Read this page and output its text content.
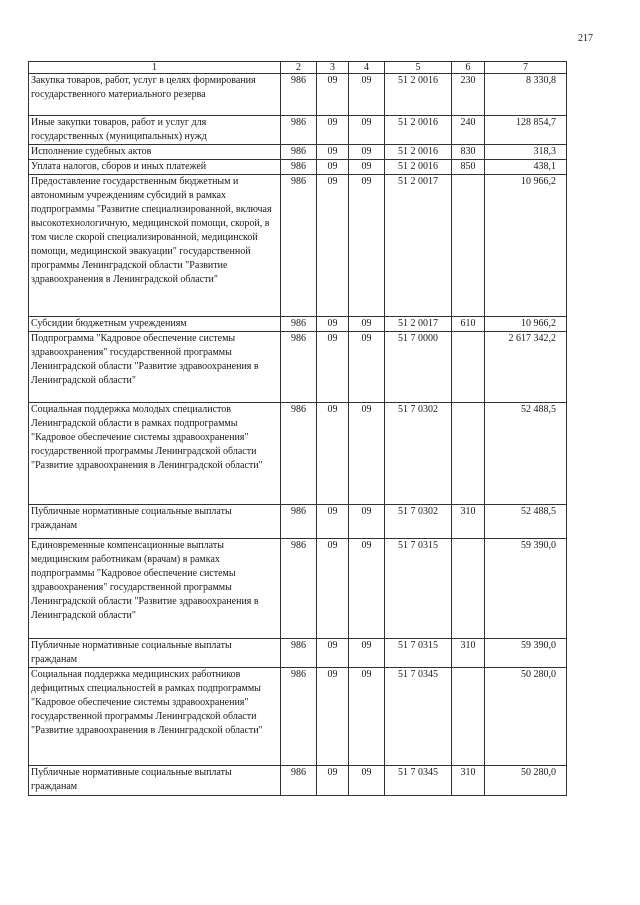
217
1	2	3	4	5	6	7
Закупка товаров, работ, услуг в целях формирования государственного материального резерва	986	09	09	51 2 0016	230	8 330,8
Иные закупки товаров, работ и услуг для государственных (муниципальных) нужд	986	09	09	51 2 0016	240	128 854,7
Исполнение судебных актов	986	09	09	51 2 0016	830	318,3
Уплата налогов, сборов и иных платежей	986	09	09	51 2 0016	850	438,1
Предоставление государственным бюджетным и автономным учреждениям субсидий в рамках подпрограммы "Развитие специализированной, включая высокотехнологичную, медицинской помощи, скорой, в том числе скорой специализированной, медицинской помощи, медицинской эвакуации" государственной программы Ленинградской области "Развитие здравоохранения в Ленинградской области"	986	09	09	51 2 0017		10 966,2
Субсидии бюджетным учреждениям	986	09	09	51 2 0017	610	10 966,2
Подпрограмма "Кадровое обеспечение системы здравоохранения" государственной программы Ленинградской области "Развитие здравоохранения в Ленинградской области"	986	09	09	51 7 0000		2 617 342,2
Социальная поддержка молодых специалистов Ленинградской области в рамках подпрограммы "Кадровое обеспечение системы здравоохранения" государственной программы Ленинградской области "Развитие здравоохранения в Ленинградской области"	986	09	09	51 7 0302		52 488,5
Публичные нормативные социальные выплаты гражданам	986	09	09	51 7 0302	310	52 488,5
Единовременные компенсационные выплаты медицинским работникам (врачам) в рамках подпрограммы "Кадровое обеспечение системы здравоохранения" государственной программы Ленинградской области "Развитие здравоохранения в Ленинградской области"	986	09	09	51 7 0315		59 390,0
Публичные нормативные социальные выплаты гражданам	986	09	09	51 7 0315	310	59 390,0
Социальная поддержка медицинских работников дефицитных специальностей в рамках подпрограммы "Кадровое обеспечение системы здравоохранения" государственной программы Ленинградской области "Развитие здравоохранения в Ленинградской области"	986	09	09	51 7 0345		50 280,0
Публичные нормативные социальные выплаты гражданам	986	09	09	51 7 0345	310	50 280,0
